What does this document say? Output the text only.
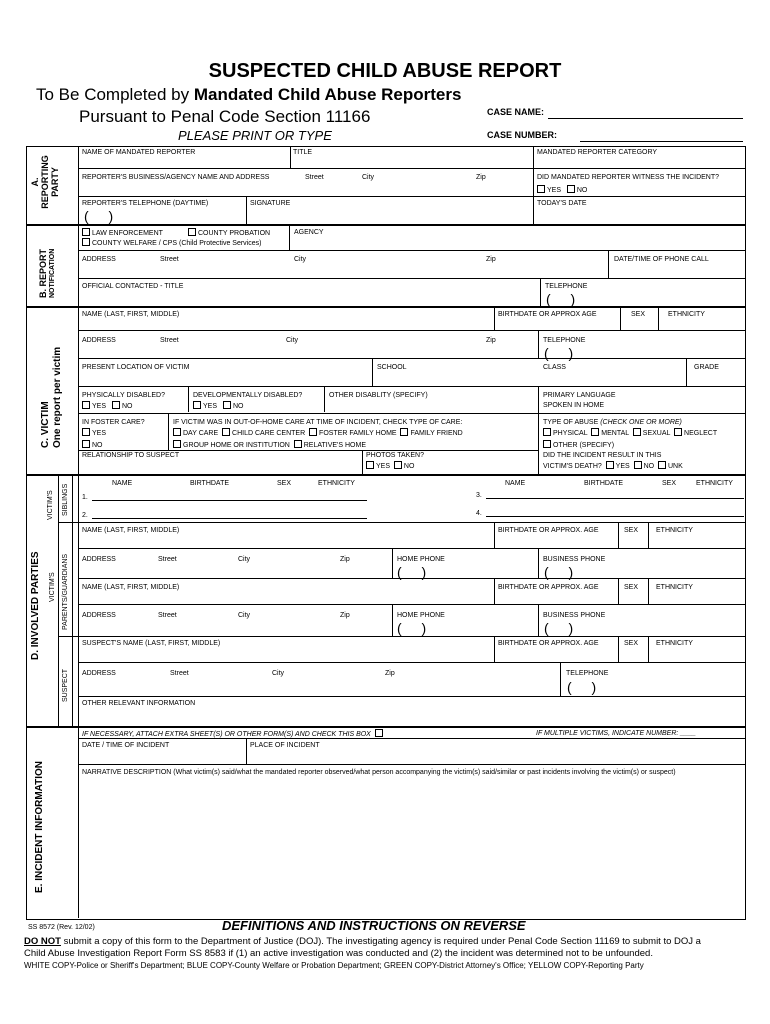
SUSPECTED CHILD ABUSE REPORT
To Be Completed by Mandated Child Abuse Reporters
Pursuant to Penal Code Section 11166
PLEASE PRINT OR TYPE
CASE NAME:
CASE NUMBER:
A. REPORTING PARTY
NAME OF MANDATED REPORTER	TITLE	MANDATED REPORTER CATEGORY
REPORTER'S BUSINESS/AGENCY NAME AND ADDRESS	Street	City	Zip	DID MANDATED REPORTER WITNESS THE INCIDENT?
YES NO
REPORTER'S TELEPHONE (DAYTIME)
( )
SIGNATURE	TODAY'S DATE
B. REPORT NOTIFICATION
LAW ENFORCEMENT	COUNTY PROBATION
COUNTY WELFARE / CPS (Child Protective Services)
AGENCY
ADDRESS	Street	City	Zip	DATE/TIME OF PHONE CALL
OFFICIAL CONTACTED - TITLE	TELEPHONE
( )
C. VICTIM One report per victim
NAME (LAST, FIRST, MIDDLE)	BIRTHDATE OR APPROX AGE	SEX	ETHNICITY
ADDRESS	Street	City	Zip	TELEPHONE
( )
PRESENT LOCATION OF VICTIM	SCHOOL	CLASS	GRADE
PHYSICALLY DISABLED?
YES NO
DEVELOPMENTALLY DISABLED?
YES NO
OTHER DISABLITY (SPECIFY)	PRIMARY LANGUAGE
SPOKEN IN HOME
IN FOSTER CARE?
YES
NO
IF VICTIM WAS IN OUT-OF-HOME CARE AT TIME OF INCIDENT, CHECK TYPE OF CARE:
DAY CARE CHILD CARE CENTER FOSTER FAMILY HOME FAMILY FRIEND
GROUP HOME OR INSTITUTION RELATIVE'S HOME
TYPE OF ABUSE (CHECK ONE OR MORE)
PHYSICAL MENTAL SEXUAL NEGLECT
OTHER (SPECIFY)
RELATIONSHIP TO SUSPECT	PHOTOS TAKEN?
YES NO
DID THE INCIDENT RESULT IN THIS
VICTIM'S DEATH? YES NO UNK
D. INVOLVED PARTIES
VICTIM'S SIBLINGS
VICTIM'S PARENTS/GUARDIANS
SUSPECT
NAME	BIRTHDATE	SEX	ETHNICITY	NAME	BIRTHDATE	SEX	ETHNICITY
1.
2.
3.
4.
NAME (LAST, FIRST, MIDDLE)	BIRTHDATE OR APPROX. AGE	SEX	ETHNICITY
ADDRESS	Street	City	Zip	HOME PHONE
( )
BUSINESS PHONE
( )
NAME (LAST, FIRST, MIDDLE)	BIRTHDATE OR APPROX. AGE	SEX	ETHNICITY
ADDRESS	Street	City	Zip	HOME PHONE
( )
BUSINESS PHONE
( )
SUSPECT'S NAME (LAST, FIRST, MIDDLE)	BIRTHDATE OR APPROX. AGE	SEX	ETHNICITY
ADDRESS	Street	City	Zip	TELEPHONE
( )
OTHER RELEVANT INFORMATION
E. INCIDENT INFORMATION
IF NECESSARY, ATTACH EXTRA SHEET(S) OR OTHER FORM(S) AND CHECK THIS BOX	IF MULTIPLE VICTIMS, INDICATE NUMBER: ____
DATE / TIME OF INCIDENT	PLACE OF INCIDENT
NARRATIVE DESCRIPTION (What victim(s) said/what the mandated reporter observed/what person accompanying the victim(s) said/similar or past incidents involving the victim(s) or suspect)
SS 8572 (Rev. 12/02)	DEFINITIONS AND INSTRUCTIONS ON REVERSE
DO NOT submit a copy of this form to the Department of Justice (DOJ). The investigating agency is required under Penal Code Section 11169 to submit to DOJ a
Child Abuse Investigation Report Form SS 8583 if (1) an active investigation was conducted and (2) the incident was determined not to be unfounded.
WHITE COPY-Police or Sheriff's Department; BLUE COPY-County Welfare or Probation Department; GREEN COPY-District Attorney's Office; YELLOW COPY-Reporting Party
